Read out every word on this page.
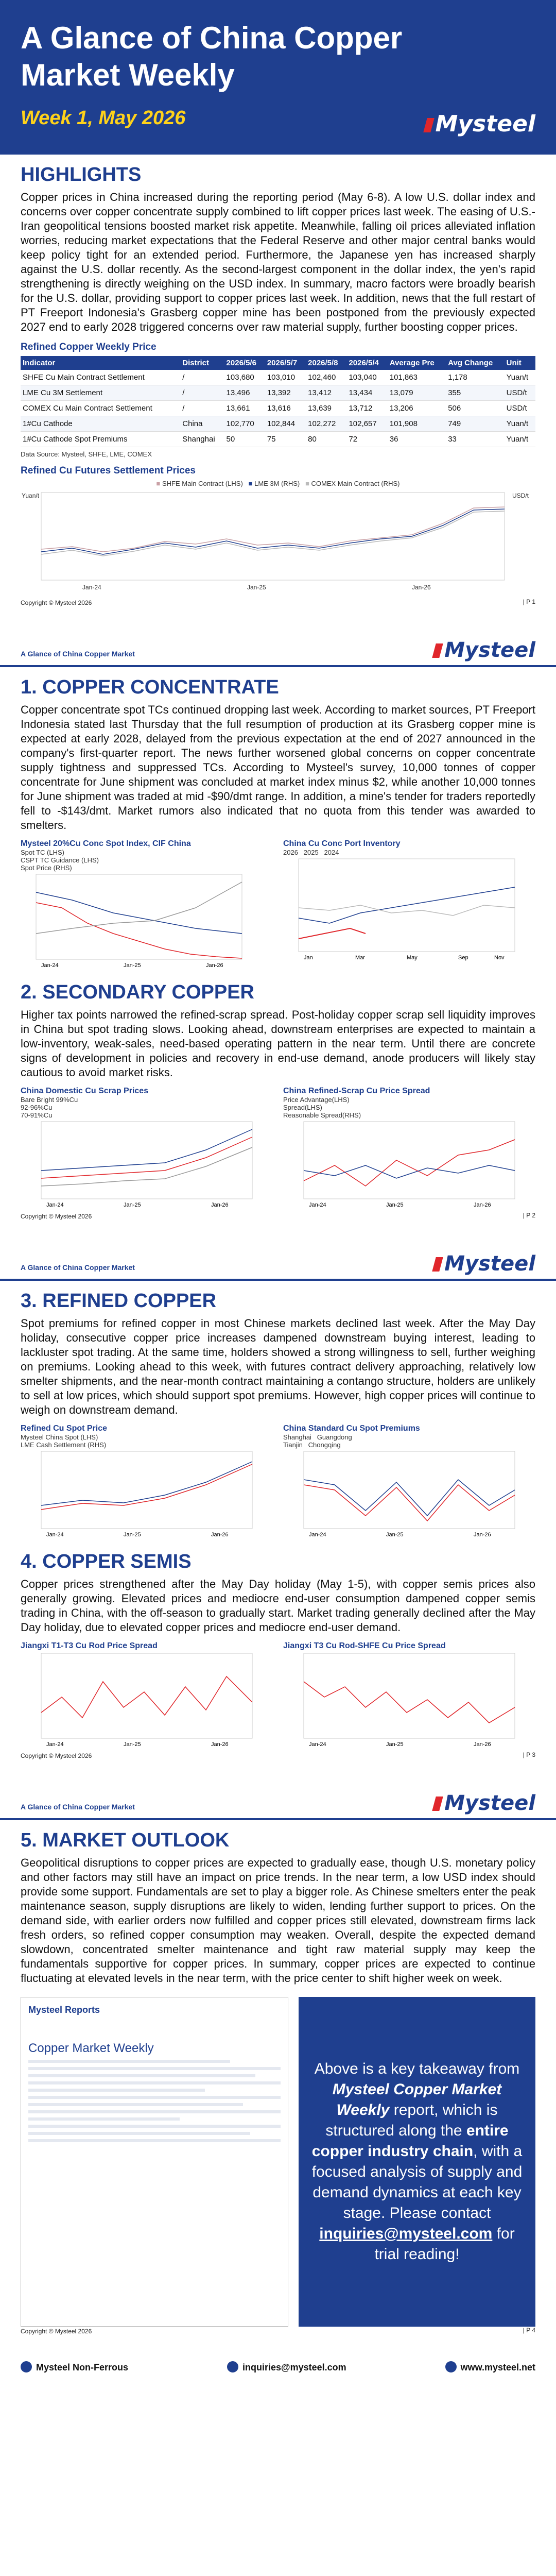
A Glance of China Copper
Market Weekly
Week 1, May 2026	Mysteel
HIGHLIGHTS

Copper prices in China increased during the reporting period (May 6-8). A low U.S. dollar index and concerns over copper concentrate supply combined to lift copper prices last week. The easing of U.S.-Iran geopolitical tensions boosted market risk appetite. Meanwhile, falling oil prices alleviated inflation worries, reducing market expectations that the Federal Reserve and other major central banks would keep policy tight for an extended period. Furthermore, the Japanese yen has increased sharply against the U.S. dollar recently. As the second-largest component in the dollar index, the yen's rapid strengthening is directly weighing on the USD index. In summary, macro factors were broadly bearish for the U.S. dollar, providing support to copper prices last week. In addition, news that the full restart of PT Freeport Indonesia's Grasberg copper mine has been postponed from the previously expected 2027 end to early 2028 triggered concerns over raw material supply, further boosting copper prices.

Refined Copper Weekly Price
Indicator	District	2026/5/6	2026/5/7	2026/5/8	2026/5/4	Average Pre	Avg Change	Unit
SHFE Cu Main Contract Settlement	/	103,680	103,010	102,460	103,040	101,863	1,178	Yuan/t
LME Cu 3M Settlement	/	13,496	13,392	13,412	13,434	13,079	355	USD/t
COMEX Cu Main Contract Settlement	/	13,661	13,616	13,639	13,712	13,206	506	USD/t
1#Cu Cathode	China	102,770	102,844	102,272	102,657	101,908	749	Yuan/t
1#Cu Cathode Spot Premiums	Shanghai	50	75	80	72	36	33	Yuan/t
Data Source: Mysteel, SHFE, LME, COMEX
Refined Cu Futures Settlement Prices
■ SHFE Main Contract (LHS) ■ LME 3M (RHS) ■ COMEX Main Contract (RHS)
USD/t
Yuan/t
Jan-24	Jan-25	Jan-26
Copyright © Mysteel 2026	| P 1
A Glance of China Copper Market	Mysteel
1. COPPER CONCENTRATE

Copper concentrate spot TCs continued dropping last week. According to market sources, PT Freeport Indonesia stated last Thursday that the full resumption of production at its Grasberg copper mine is expected at early 2028, delayed from the previous expectation at the end of 2027 announced in the company's first-quarter report. The news further worsened global concerns on copper concentrate supply tightness and suppressed TCs. According to Mysteel's survey, 10,000 tonnes of copper concentrate for June shipment was concluded at market index minus $2, while another 10,000 tonnes for June shipment was traded at mid -$90/dmt range. In addition, a mine's tender for traders reportedly fell to -$143/dmt. Market rumors also indicated that no quota from this tender was awarded to smelters.

Mysteel 20%Cu Conc Spot Index, CIF China
Spot TC (LHS)
CSPT TC Guidance (LHS)
Spot Price (RHS)
Jan-24	Jan-25	Jan-26
China Cu Conc Port Inventory
2026 2025 2024
Jan	Mar	May	Sep	Nov
2. SECONDARY COPPER

Higher tax points narrowed the refined-scrap spread. Post-holiday copper scrap sell liquidity improves in China but spot trading slows. Looking ahead, downstream enterprises are expected to maintain a low-inventory, weak-sales, need-based operating pattern in the near term. Until there are concrete signs of development in policies and recovery in end-use demand, anode producers will likely stay cautious to avoid market risks.

China Domestic Cu Scrap Prices
Bare Bright 99%Cu
92-96%Cu
70-91%Cu
Jan-24	Jan-25	Jan-26
China Refined-Scrap Cu Price Spread
Price Advantage(LHS)
Spread(LHS)
Reasonable Spread(RHS)
Jan-24	Jan-25	Jan-26
Copyright © Mysteel 2026	| P 2
A Glance of China Copper Market	Mysteel
3. REFINED COPPER

Spot premiums for refined copper in most Chinese markets declined last week. After the May Day holiday, consecutive copper price increases dampened downstream buying interest, leading to lackluster spot trading. At the same time, holders showed a strong willingness to sell, further weighing on premiums. Looking ahead to this week, with futures contract delivery approaching, relatively low smelter shipments, and the near-month contract maintaining a contango structure, holders are unlikely to sell at low prices, which should support spot premiums. However, high copper prices will continue to weigh on downstream demand.

Refined Cu Spot Price
Mysteel China Spot (LHS)
LME Cash Settlement (RHS)
Jan-24	Jan-25	Jan-26
China Standard Cu Spot Premiums
Shanghai Guangdong
Tianjin Chongqing
Jan-24	Jan-25	Jan-26
4. COPPER SEMIS

Copper prices strengthened after the May Day holiday (May 1-5), with copper semis prices also generally growing. Elevated prices and mediocre end-user consumption dampened copper semis trading in China, with the off-season to gradually start. Market trading generally declined after the May Day holiday, due to elevated copper prices and mediocre end-user demand.

Jiangxi T1-T3 Cu Rod Price Spread
Jan-24	Jan-25	Jan-26
Jiangxi T3 Cu Rod-SHFE Cu Price Spread
Jan-24	Jan-25	Jan-26
Copyright © Mysteel 2026	| P 3
A Glance of China Copper Market	Mysteel
5. MARKET OUTLOOK

Geopolitical disruptions to copper prices are expected to gradually ease, though U.S. monetary policy and other factors may still have an impact on price trends. In the near term, a low USD index should provide some support. Fundamentals are set to play a bigger role. As Chinese smelters enter the peak maintenance season, supply disruptions are likely to widen, lending further support to prices. On the demand side, with earlier orders now fulfilled and copper prices still elevated, downstream firms lack fresh orders, so refined copper consumption may weaken. Overall, despite the expected demand slowdown, concentrated smelter maintenance and tight raw material supply may keep the fundamentals supportive for copper prices. In summary, copper prices are expected to continue fluctuating at elevated levels in the near term, with the price center to shift higher week on week.

Mysteel Reports
Copper Market Weekly
Above is a key takeaway from Mysteel Copper Market Weekly report, which is structured along the entire copper industry chain, with a focused analysis of supply and demand dynamics at each key stage. Please contact inquiries@mysteel.com for trial reading!
Copyright © Mysteel 2026	| P 4
Mysteel Non-Ferrous	inquiries@mysteel.com	www.mysteel.net
